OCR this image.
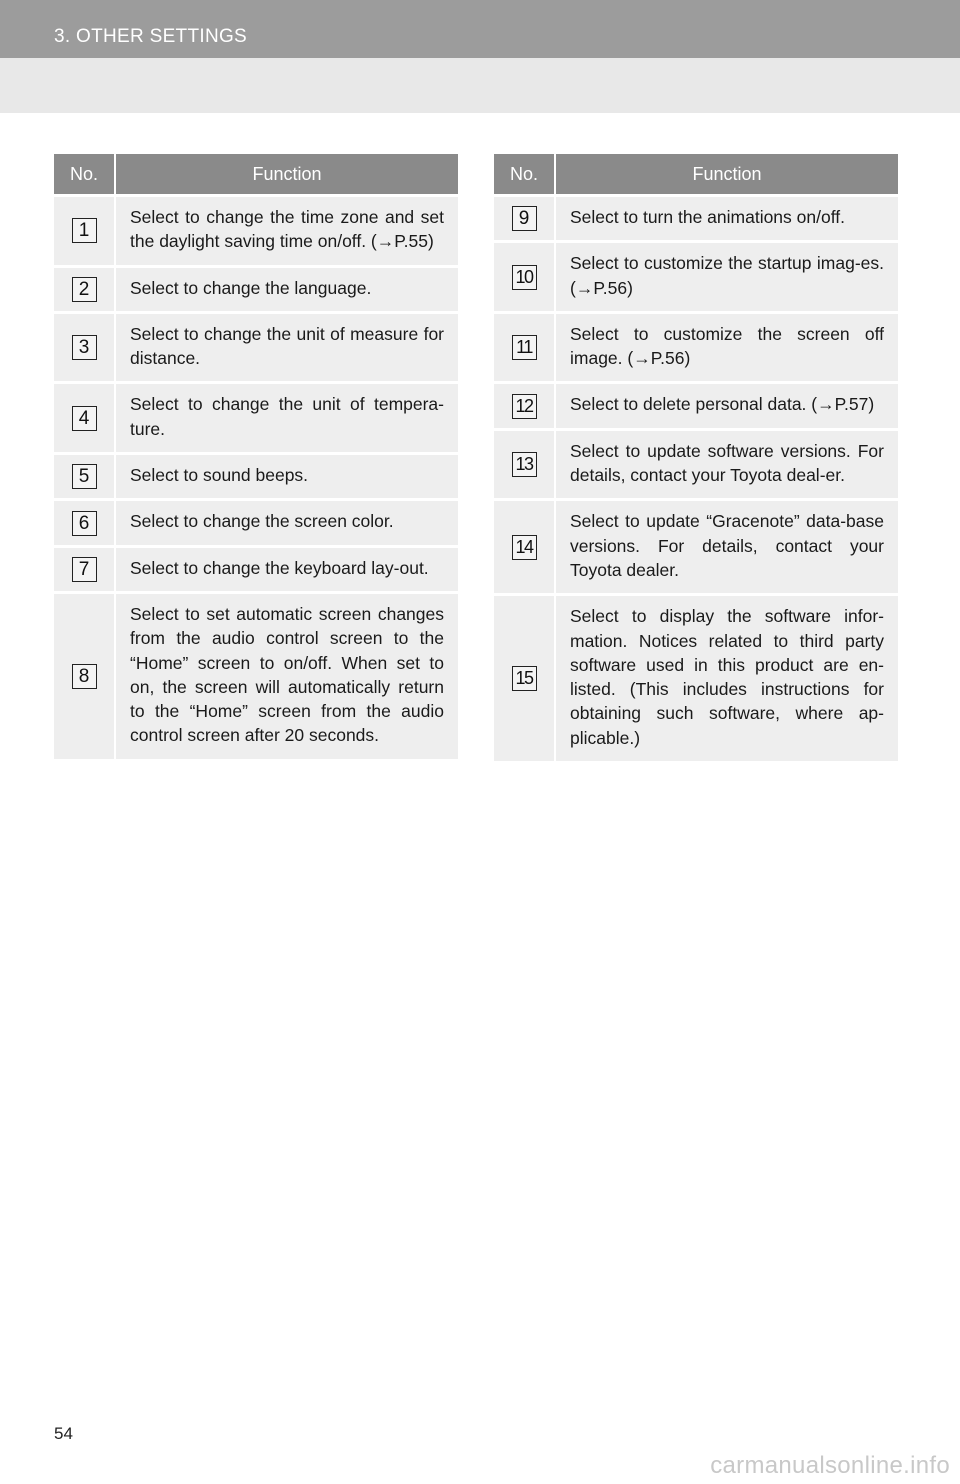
3. OTHER SETTINGS
No.	Function
1	Select to change the time zone and set the daylight saving time on/off. (→P.55)
2	Select to change the language.
3	Select to change the unit of measure for distance.
4	Select to change the unit of tempera-ture.
5	Select to sound beeps.
6	Select to change the screen color.
7	Select to change the keyboard lay-out.
8	Select to set automatic screen changes from the audio control screen to the “Home” screen to on/off. When set to on, the screen will automatically return to the “Home” screen from the audio control screen after 20 seconds.
No.	Function
9	Select to turn the animations on/off.
10	Select to customize the startup imag-es. (→P.56)
11	Select to customize the screen off image. (→P.56)
12	Select to delete personal data. (→P.57)
13	Select to update software versions. For details, contact your Toyota deal-er.
14	Select to update “Gracenote” data-base versions. For details, contact your Toyota dealer.
15	Select to display the software infor-mation. Notices related to third party software used in this product are en-listed. (This includes instructions for obtaining such software, where ap-plicable.)
54
carmanualsonline.info
